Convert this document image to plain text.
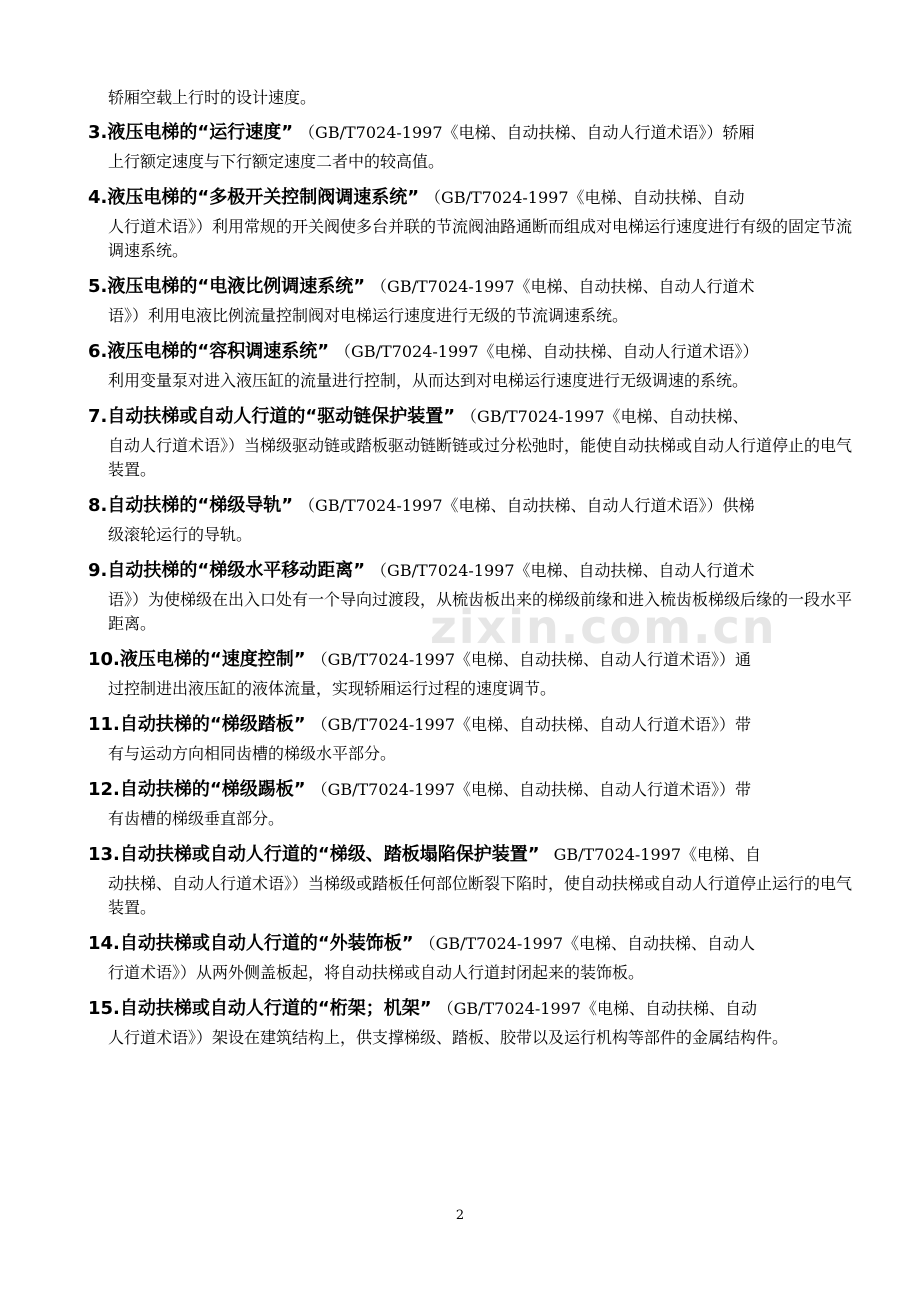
zixin.com.cn

轿厢空载上行时的设计速度。

3.液压电梯的“运行速度” （GB/T7024-1997《电梯、自动扶梯、自动人行道术语》）轿厢
上行额定速度与下行额定速度二者中的较高值。
4.液压电梯的“多极开关控制阀调速系统” （GB/T7024-1997《电梯、自动扶梯、自动
人行道术语》）利用常规的开关阀使多台并联的节流阀油路通断而组成对电梯运行速度进行有级的固定节流调速系统。
5.液压电梯的“电液比例调速系统” （GB/T7024-1997《电梯、自动扶梯、自动人行道术
语》）利用电液比例流量控制阀对电梯运行速度进行无级的节流调速系统。
6.液压电梯的“容积调速系统” （GB/T7024-1997《电梯、自动扶梯、自动人行道术语》）
利用变量泵对进入液压缸的流量进行控制，从而达到对电梯运行速度进行无级调速的系统。
7.自动扶梯或自动人行道的“驱动链保护装置” （GB/T7024-1997《电梯、自动扶梯、
自动人行道术语》）当梯级驱动链或踏板驱动链断链或过分松弛时，能使自动扶梯或自动人行道停止的电气装置。
8.自动扶梯的“梯级导轨” （GB/T7024-1997《电梯、自动扶梯、自动人行道术语》）供梯
级滚轮运行的导轨。
9.自动扶梯的“梯级水平移动距离” （GB/T7024-1997《电梯、自动扶梯、自动人行道术
语》）为使梯级在出入口处有一个导向过渡段，从梳齿板出来的梯级前缘和进入梳齿板梯级后缘的一段水平距离。
10.液压电梯的“速度控制” （GB/T7024-1997《电梯、自动扶梯、自动人行道术语》）通
过控制进出液压缸的液体流量，实现轿厢运行过程的速度调节。
11.自动扶梯的“梯级踏板” （GB/T7024-1997《电梯、自动扶梯、自动人行道术语》）带
有与运动方向相同齿槽的梯级水平部分。
12.自动扶梯的“梯级踢板” （GB/T7024-1997《电梯、自动扶梯、自动人行道术语》）带
有齿槽的梯级垂直部分。
13.自动扶梯或自动人行道的“梯级、踏板塌陷保护装置” GB/T7024-1997《电梯、自
动扶梯、自动人行道术语》）当梯级或踏板任何部位断裂下陷时，使自动扶梯或自动人行道停止运行的电气装置。
14.自动扶梯或自动人行道的“外装饰板” （GB/T7024-1997《电梯、自动扶梯、自动人
行道术语》）从两外侧盖板起，将自动扶梯或自动人行道封闭起来的装饰板。
15.自动扶梯或自动人行道的“桁架；机架” （GB/T7024-1997《电梯、自动扶梯、自动
人行道术语》）架设在建筑结构上，供支撑梯级、踏板、胶带以及运行机构等部件的金属结构件。
2
